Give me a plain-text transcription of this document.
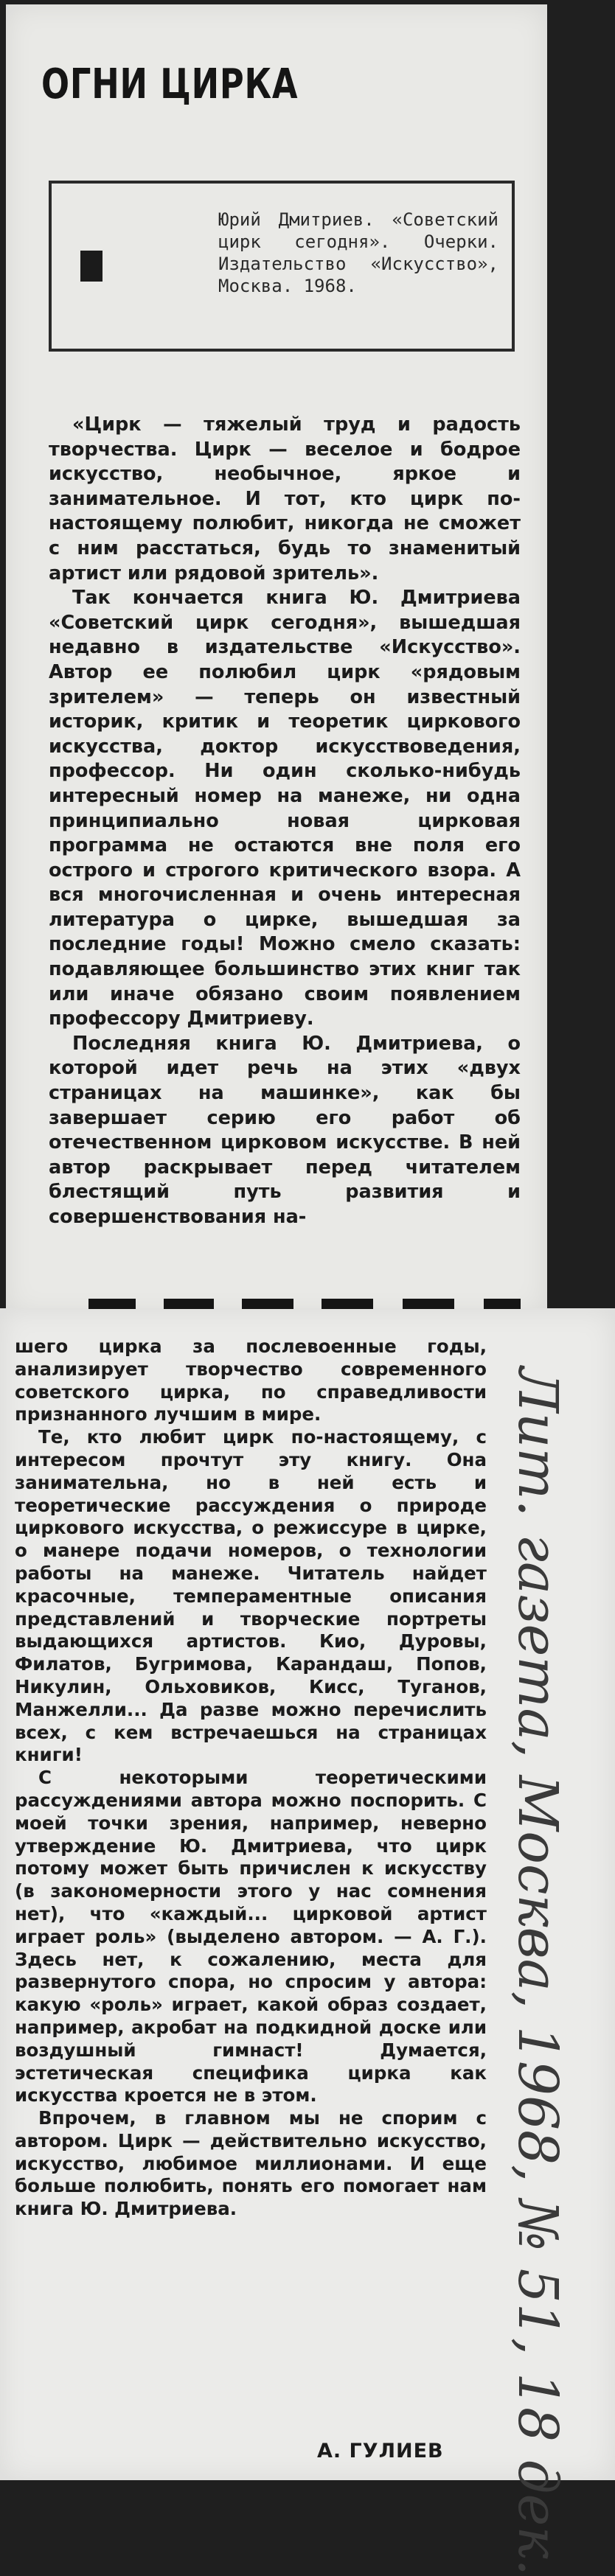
ОГНИ ЦИРКА
Юрий Дмитриев. «Советский цирк сегодня». Очерки. Издательство «Искусство», Москва. 1968.

«Цирк — тяжелый труд и радость творчества. Цирк — веселое и бодрое искусство, необычное, яркое и занимательное. И тот, кто цирк по-настоящему полюбит, никогда не сможет с ним расстаться, будь то знаменитый артист или рядовой зритель».

Так кончается книга Ю. Дмитриева «Советский цирк сегодня», вышедшая недавно в издательстве «Искусство». Автор ее полюбил цирк «рядовым зрителем» — теперь он известный историк, критик и теоретик циркового искусства, доктор искусствоведения, профессор. Ни один сколько-нибудь интересный номер на манеже, ни одна принципиально новая цирковая программа не остаются вне поля его острого и строгого критического взора. А вся многочисленная и очень интересная литература о цирке, вышедшая за последние годы! Можно смело сказать: подавляющее большинство этих книг так или иначе обязано своим появлением профессору Дмитриеву.

Последняя книга Ю. Дмитриева, о которой идет речь на этих «двух страницах на машинке», как бы завершает серию его работ об отечественном цирковом искусстве. В ней автор раскрывает перед читателем блестящий путь развития и совершенствования на-

шего цирка за послевоенные годы, анализирует творчество современного советского цирка, по справедливости признанного лучшим в мире.

Те, кто любит цирк по-настоящему, с интересом прочтут эту книгу. Она занимательна, но в ней есть и теоретические рассуждения о природе циркового искусства, о режиссуре в цирке, о манере подачи номеров, о технологии работы на манеже. Читатель найдет красочные, темпераментные описания представлений и творческие портреты выдающихся артистов. Кио, Дуровы, Филатов, Бугримова, Карандаш, Попов, Никулин, Ольховиков, Кисс, Туганов, Манжелли... Да разве можно перечислить всех, с кем встречаешься на страницах книги!

С некоторыми теоретическими рассуждениями автора можно поспорить. С моей точки зрения, например, неверно утверждение Ю. Дмитриева, что цирк потому может быть причислен к искусству (в закономерности этого у нас сомнения нет), что «каждый... цирковой артист играет роль» (выделено автором. — А. Г.). Здесь нет, к сожалению, места для развернутого спора, но спросим у автора: какую «роль» играет, какой образ создает, например, акробат на подкидной доске или воздушный гимнаст! Думается, эстетическая специфика цирка как искусства кроется не в этом.

Впрочем, в главном мы не спорим с автором. Цирк — действительно искусство, искусство, любимое миллионами. И еще больше полюбить, понять его помогает нам книга Ю. Дмитриева.

А. ГУЛИЕВ
